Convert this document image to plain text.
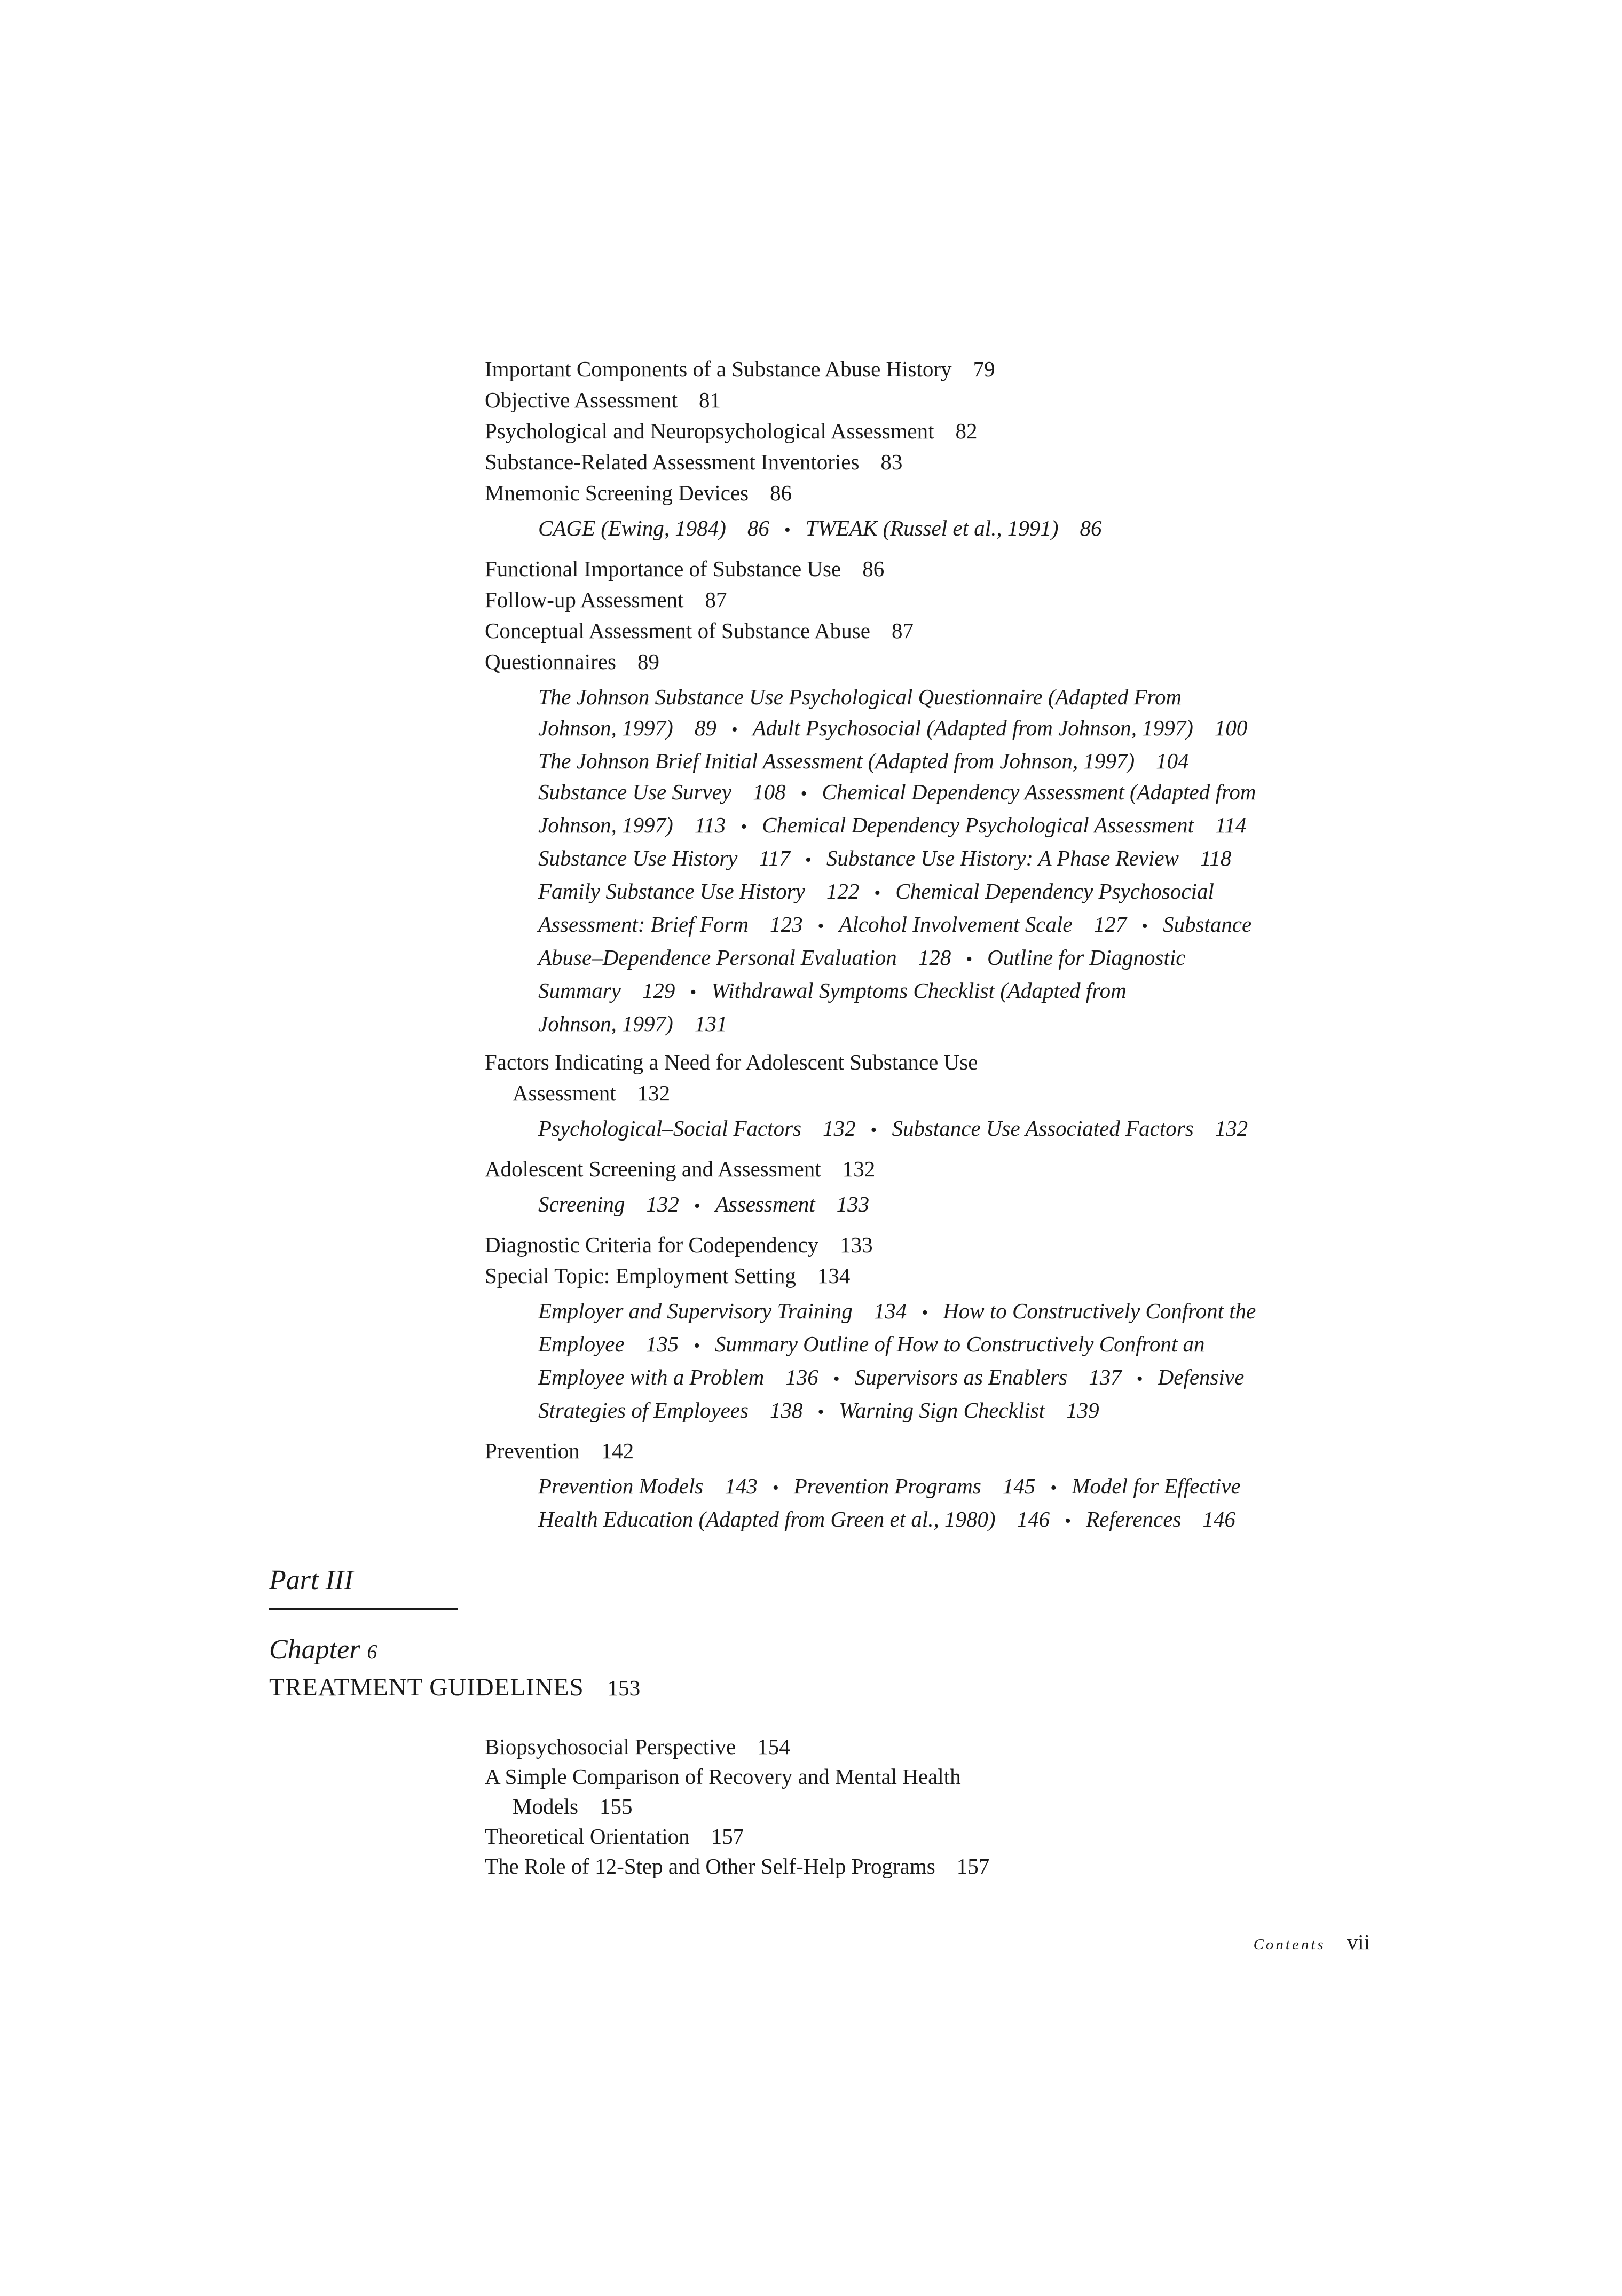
Important Components of a Substance Abuse History 79
Objective Assessment 81
Psychological and Neuropsychological Assessment 82
Substance-Related Assessment Inventories 83
Mnemonic Screening Devices 86
CAGE (Ewing, 1984) 86 • TWEAK (Russel et al., 1991) 86
Functional Importance of Substance Use 86
Follow-up Assessment 87
Conceptual Assessment of Substance Abuse 87
Questionnaires 89
The Johnson Substance Use Psychological Questionnaire (Adapted From
Johnson, 1997) 89 • Adult Psychosocial (Adapted from Johnson, 1997) 100
The Johnson Brief Initial Assessment (Adapted from Johnson, 1997) 104
Substance Use Survey 108 • Chemical Dependency Assessment (Adapted from
Johnson, 1997) 113 • Chemical Dependency Psychological Assessment 114
Substance Use History 117 • Substance Use History: A Phase Review 118
Family Substance Use History 122 • Chemical Dependency Psychosocial
Assessment: Brief Form 123 • Alcohol Involvement Scale 127 • Substance
Abuse–Dependence Personal Evaluation 128 • Outline for Diagnostic
Summary 129 • Withdrawal Symptoms Checklist (Adapted from
Johnson, 1997) 131
Factors Indicating a Need for Adolescent Substance Use
Assessment 132
Psychological–Social Factors 132 • Substance Use Associated Factors 132
Adolescent Screening and Assessment 132
Screening 132 • Assessment 133
Diagnostic Criteria for Codependency 133
Special Topic: Employment Setting 134
Employer and Supervisory Training 134 • How to Constructively Confront the
Employee 135 • Summary Outline of How to Constructively Confront an
Employee with a Problem 136 • Supervisors as Enablers 137 • Defensive
Strategies of Employees 138 • Warning Sign Checklist 139
Prevention 142
Prevention Models 143 • Prevention Programs 145 • Model for Effective
Health Education (Adapted from Green et al., 1980) 146 • References 146
Part III
Chapter 6
TREATMENT GUIDELINES 153
Biopsychosocial Perspective 154
A Simple Comparison of Recovery and Mental Health
Models 155
Theoretical Orientation 157
The Role of 12-Step and Other Self-Help Programs 157
Contents vii
